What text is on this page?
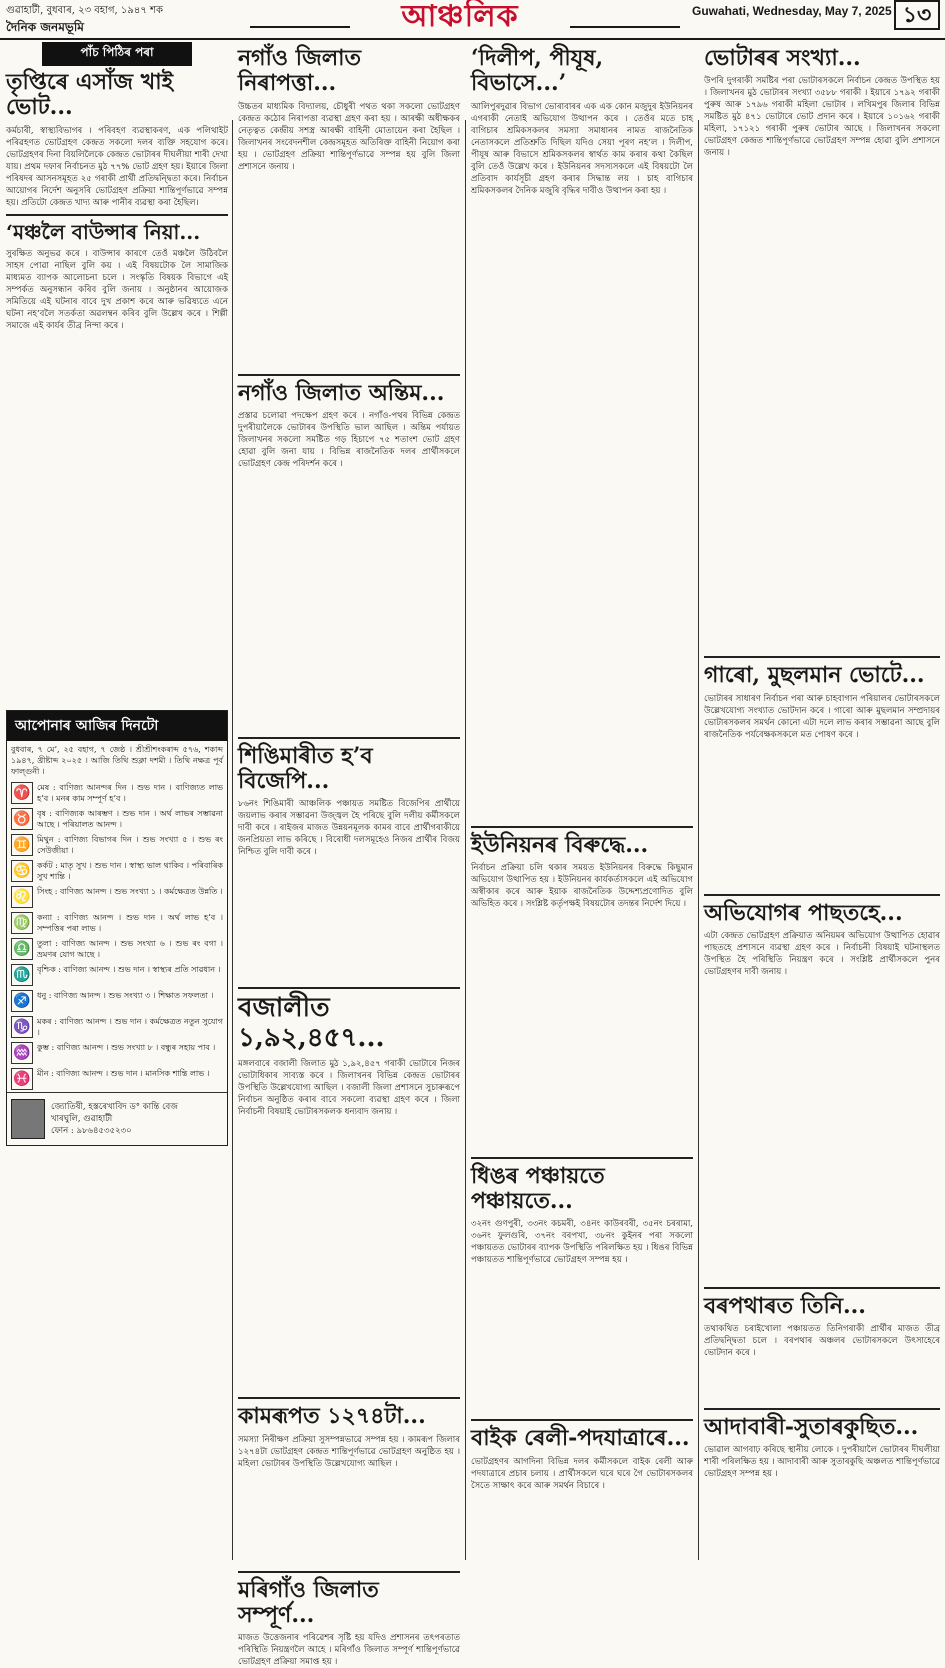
গুৱাহাটী, বুধবাৰ, ২৩ বহাগ, ১৯৪৭ শক
দৈনিক জনমভূমি	আঞ্চলিক	Guwahati, Wednesday, May 7, 2025 ১৩
পাঁচ পিঠিৰ পৰা
তৃপ্তিৰে এসাঁজ খাই ভোট...
কৰ্মচাৰী, স্বাস্থ্যবিভাগৰ । পৰিবহণ ব্যৱস্থাকৰণ, এক পলিথাইট পৰিৱহণত ভোটগ্ৰহণ কেন্দ্ৰত সকলো দলৰ ব্যক্তি সহযোগ কৰে। ভোটগ্ৰহণৰ দিনা বিয়লিলৈকে কেন্দ্ৰত ভোটাৰৰ দীঘলীয়া শাৰী দেখা যায়। প্ৰথম দফাৰ নিৰ্বাচনত মুঠ ৭৭% ভোট গ্ৰহণ হয়। ইয়াৰে জিলা পৰিষদৰ আসনসমূহত ২৫ গৰাকী প্ৰাৰ্থী প্ৰতিদ্বন্দ্বিতা কৰে। নিৰ্বাচন আয়োগৰ নিৰ্দেশ অনুসৰি ভোটগ্ৰহণ প্ৰক্ৰিয়া শান্তিপূৰ্ণভাৱে সম্পন্ন হয়। প্ৰতিটো কেন্দ্ৰত খাদ্য আৰু পানীৰ ব্যৱস্থা কৰা হৈছিল।
‘মঞ্চলৈ বাউন্সাৰ নিয়া...
সুৰক্ষিত অনুভৱ কৰে । বাউন্সাৰ কাৰণে তেওঁ মঞ্চলৈ উঠিবলৈ সাহস পোৱা নাছিল বুলি কয় । এই বিষয়টোক লৈ সামাজিক মাধ্যমত ব্যাপক আলোচনা চলে । সংস্কৃতি বিষয়ক বিভাগে এই সম্পৰ্কত অনুসন্ধান কৰিব বুলি জনায় । অনুষ্ঠানৰ আয়োজক সমিতিয়ে এই ঘটনাৰ বাবে দুখ প্ৰকাশ কৰে আৰু ভৱিষ্যতে এনে ঘটনা নহ’বলৈ সতৰ্কতা অৱলম্বন কৰিব বুলি উল্লেখ কৰে । শিল্পী সমাজে এই কাৰ্যৰ তীব্ৰ নিন্দা কৰে ।
আপোনাৰ আজিৰ দিনটো
বুধবাৰ, ৭ মে’, ২৫ বহাগ, ৭ জেষ্ঠ । শ্ৰীশ্ৰীশংকৰাব্দ ৫৭৬, শকাব্দ ১৯৪৭, খ্ৰীষ্টাব্দ ২০২৫ । আজি তিথি শুক্লা দশমী । তিথি নক্ষত্ৰ পূৰ্ব ফাল্গুনী ।
♈ মেষ : বাণিজ্য আনন্দৰ দিন । শুভ দান । বাণিজ্যত লাভ হ’ব । মনৰ কাম সম্পূৰ্ণ হ’ব ।
♉ বৃষ : বাণিজ্যক আৰম্ভণ । শুভ দান । অৰ্থ লাভৰ সম্ভাৱনা আছে । পৰিয়ালত আনন্দ ।
♊ মিথুন : বাণিজ্য বিভাগৰ দিন । শুভ সংখ্যা ৫ । শুভ ৰং সেউজীয়া ।
♋ কৰ্কট : মাতৃ সুখ । শুভ দান । স্বাস্থ্য ভাল থাকিব । পৰিবাৰিক সুখ শান্তি ।
♌ সিংহ : বাণিজ্য আনন্দ । শুভ সংখ্যা ১ । কৰ্মক্ষেত্ৰত উন্নতি ।
♍ কন্যা : বাণিজ্য আনন্দ । শুভ দান । অৰ্থ লাভ হ’ব । সম্পত্তিৰ পৰা লাভ ।
♎ তুলা : বাণিজ্য আনন্দ । শুভ সংখ্যা ৬ । শুভ ৰং বগা । ভ্ৰমণৰ যোগ আছে ।
♏ বৃশ্চিক : বাণিজ্য আনন্দ । শুভ দান । স্বাস্থ্যৰ প্ৰতি সাৱধান ।
♐ ধনু : বাণিজ্য আনন্দ । শুভ সংখ্যা ৩ । শিক্ষাত সফলতা ।
♑ মকৰ : বাণিজ্য আনন্দ । শুভ দান । কৰ্মক্ষেত্ৰত নতুন সুযোগ ।
♒ কুম্ভ : বাণিজ্য আনন্দ । শুভ সংখ্যা ৮ । বন্ধুৰ সহায় পাব ।
♓ মীন : বাণিজ্য আনন্দ । শুভ দান । মানসিক শান্তি লাভ ।
জ্যোতিষী, হস্তৰেখাবিদ ড° কান্তি বেজ
খাৰঘুলি, গুৱাহাটী
ফোন : ৯৮৬৪৫৩৫২৩০
নগাঁও জিলাত নিৰাপত্তা...
উচ্চতৰ মাধ্যমিক বিদ্যালয়, চৌধুৰী পথত থকা সকলো ভোটগ্ৰহণ কেন্দ্ৰত কঠোৰ নিৰাপত্তা ব্যৱস্থা গ্ৰহণ কৰা হয় । আৰক্ষী অধীক্ষকৰ নেতৃত্বত কেন্দ্ৰীয় সশস্ত্ৰ আৰক্ষী বাহিনী মোতায়েন কৰা হৈছিল । জিলাখনৰ সংবেদনশীল কেন্দ্ৰসমূহত অতিৰিক্ত বাহিনী নিয়োগ কৰা হয় । ভোটগ্ৰহণ প্ৰক্ৰিয়া শান্তিপূৰ্ণভাৱে সম্পন্ন হয় বুলি জিলা প্ৰশাসনে জনায় ।
নগাঁও জিলাত অন্তিম...
প্ৰস্তাৱ চলোৱা পদক্ষেপ গ্ৰহণ কৰে । নগাঁও-পথৰ বিভিন্ন কেন্দ্ৰত দুপৰীয়ালৈকে ভোটাৰৰ উপস্থিতি ভাল আছিল । অন্তিম পৰ্যায়ত জিলাখনৰ সকলো সমষ্টিত গড় হিচাপে ৭৫ শতাংশ ভোট গ্ৰহণ হোৱা বুলি জনা যায় । বিভিন্ন ৰাজনৈতিক দলৰ প্ৰাৰ্থীসকলে ভোটগ্ৰহণ কেন্দ্ৰ পৰিদৰ্শন কৰে ।
শিঙিমাৰীত হ’ব বিজেপি...
৮৬নং শিঙিমাৰী আঞ্চলিক পঞ্চায়ত সমষ্টিত বিজেপিৰ প্ৰাৰ্থীয়ে জয়লাভ কৰাৰ সম্ভাৱনা উজ্জ্বল হৈ পৰিছে বুলি দলীয় কৰ্মীসকলে দাবী কৰে । ৰাইজৰ মাজত উন্নয়নমূলক কামৰ বাবে প্ৰাৰ্থীগৰাকীয়ে জনপ্ৰিয়তা লাভ কৰিছে । বিৰোধী দলসমূহেও নিজৰ প্ৰাৰ্থীৰ বিজয় নিশ্চিত বুলি দাবী কৰে ।
বজালীত ১,৯২,৪৫৭...
মঙ্গলবাৰে বজালী জিলাত মুঠ ১,৯২,৪৫৭ গৰাকী ভোটাৰে নিজৰ ভোটাধিকাৰ সাব্যস্ত কৰে । জিলাখনৰ বিভিন্ন কেন্দ্ৰত ভোটাৰৰ উপস্থিতি উল্লেখযোগ্য আছিল । বজালী জিলা প্ৰশাসনে সুচাৰুৰূপে নিৰ্বাচন অনুষ্ঠিত কৰাৰ বাবে সকলো ব্যৱস্থা গ্ৰহণ কৰে । জিলা নিৰ্বাচনী বিষয়াই ভোটাৰসকলক ধন্যবাদ জনায় ।
কামৰূপত ১২৭৪টা...
সমস্যা নিৰীক্ষণ প্ৰক্ৰিয়া সুসম্পন্নভাৱে সম্পন্ন হয় । কামৰূপ জিলাৰ ১২৭৪টা ভোটগ্ৰহণ কেন্দ্ৰত শান্তিপূৰ্ণভাৱে ভোটগ্ৰহণ অনুষ্ঠিত হয় । মহিলা ভোটাৰৰ উপস্থিতি উল্লেখযোগ্য আছিল ।
মৰিগাঁও জিলাত সম্পূৰ্ণ...
মাজত উত্তেজনাৰ পৰিৱেশৰ সৃষ্টি হয় যদিও প্ৰশাসনৰ তৎপৰতাত পৰিস্থিতি নিয়ন্ত্ৰণলৈ আহে । মৰিগাঁও জিলাত সম্পূৰ্ণ শান্তিপূৰ্ণভাৱে ভোটগ্ৰহণ প্ৰক্ৰিয়া সমাপ্ত হয় ।
‘দিলীপ, পীযূষ, বিভাসে...’
আলিপুৰদুৱাৰ বিভাগ ভোৰাবাৰৰ এক এক কোন মজুদুৰ ইউনিয়নৰ এগৰাকী নেতাই অভিযোগ উত্থাপন কৰে । তেওঁৰ মতে চাহ বাগিচাৰ শ্ৰমিকসকলৰ সমস্যা সমাধানৰ নামত ৰাজনৈতিক নেতাসকলে প্ৰতিশ্ৰুতি দিছিল যদিও সেয়া পূৰণ নহ’ল । দিলীপ, পীযূষ আৰু বিভাসে শ্ৰমিকসকলৰ স্বাৰ্থত কাম কৰাৰ কথা কৈছিল বুলি তেওঁ উল্লেখ কৰে । ইউনিয়নৰ সদস্যসকলে এই বিষয়টো লৈ প্ৰতিবাদ কাৰ্যসূচী গ্ৰহণ কৰাৰ সিদ্ধান্ত লয় । চাহ বাগিচাৰ শ্ৰমিকসকলৰ দৈনিক মজুৰি বৃদ্ধিৰ দাবীও উত্থাপন কৰা হয় ।
ইউনিয়নৰ বিৰুদ্ধে...
নিৰ্বাচন প্ৰক্ৰিয়া চলি থকাৰ সময়ত ইউনিয়নৰ বিৰুদ্ধে কিছুমান অভিযোগ উত্থাপিত হয় । ইউনিয়নৰ কাৰ্যকৰ্তাসকলে এই অভিযোগ অস্বীকাৰ কৰে আৰু ইয়াক ৰাজনৈতিক উদ্দেশ্যপ্ৰণোদিত বুলি অভিহিত কৰে । সংশ্লিষ্ট কৰ্তৃপক্ষই বিষয়টোৰ তদন্তৰ নিৰ্দেশ দিয়ে ।
ধিঙৰ পঞ্চায়তে পঞ্চায়তে...
৩২নং গুণপুৰী, ৩৩নং কচমৰী, ৩৪নং কাউৰবৰী, ৩৫নং চৰৰামা, ৩৬নং ফুলগুৰি, ৩৭নং বৰপখা, ৩৮নং কুইনৰ পৰা সকলো পঞ্চায়তত ভোটাৰৰ ব্যাপক উপস্থিতি পৰিলক্ষিত হয় । ধিঙৰ বিভিন্ন পঞ্চায়তত শান্তিপূৰ্ণভাৱে ভোটগ্ৰহণ সম্পন্ন হয় ।
বাইক ৰেলী-পদযাত্ৰাৰে...
ভোটগ্ৰহণৰ আগদিনা বিভিন্ন দলৰ কৰ্মীসকলে বাইক ৰেলী আৰু পদযাত্ৰাৰে প্ৰচাৰ চলায় । প্ৰাৰ্থীসকলে ঘৰে ঘৰে গৈ ভোটাৰসকলৰ সৈতে সাক্ষাৎ কৰে আৰু সমৰ্থন বিচাৰে ।
ভোটাৰৰ সংখ্যা...
উপৰি দুগৰাকী সমষ্টিৰ পৰা ভোটাৰসকলে নিৰ্বাচন কেন্দ্ৰত উপস্থিত হয় । জিলাখনৰ মুঠ ভোটাৰৰ সংখ্যা ৩৫৮৮ গৰাকী । ইয়াৰে ১৭৯২ গৰাকী পুৰুষ আৰু ১৭৯৬ গৰাকী মহিলা ভোটাৰ । লখিমপুৰ জিলাৰ বিভিন্ন সমষ্টিত মুঠ ৪৭১ ভোটাৰে ভোট প্ৰদান কৰে । ইয়াৰে ১০১৬২ গৰাকী মহিলা, ১৭১২১ গৰাকী পুৰুষ ভোটাৰ আছে । জিলাখনৰ সকলো ভোটগ্ৰহণ কেন্দ্ৰত শান্তিপূৰ্ণভাৱে ভোটগ্ৰহণ সম্পন্ন হোৱা বুলি প্ৰশাসনে জনায় ।
গাৰো, মুছলমান ভোটে...
ভোটাৰৰ সাধাৰণ নিৰ্বাচন পৰা আৰু চাহবাগান পৰিয়ালৰ ভোটাৰসকলে উল্লেখযোগ্য সংখ্যাত ভোটদান কৰে । গাৰো আৰু মুছলমান সম্প্ৰদায়ৰ ভোটাৰসকলৰ সমৰ্থন কোনো এটা দলে লাভ কৰাৰ সম্ভাৱনা আছে বুলি ৰাজনৈতিক পৰ্যবেক্ষকসকলে মত পোষণ কৰে ।
অভিযোগৰ পাছতহে...
এটা কেন্দ্ৰত ভোটগ্ৰহণ প্ৰক্ৰিয়াত অনিয়মৰ অভিযোগ উত্থাপিত হোৱাৰ পাছতহে প্ৰশাসনে ব্যৱস্থা গ্ৰহণ কৰে । নিৰ্বাচনী বিষয়াই ঘটনাস্থলত উপস্থিত হৈ পৰিস্থিতি নিয়ন্ত্ৰণ কৰে । সংশ্লিষ্ট প্ৰাৰ্থীসকলে পুনৰ ভোটগ্ৰহণৰ দাবী জনায় ।
বৰপথাৰত তিনি...
তথাকথিত চৰাইখোলা পঞ্চায়তত তিনিগৰাকী প্ৰাৰ্থীৰ মাজত তীব্ৰ প্ৰতিদ্বন্দ্বিতা চলে । বৰপথাৰ অঞ্চলৰ ভোটাৰসকলে উৎসাহেৰে ভোটদান কৰে ।
আদাবাৰী-সুতাৰকুছিত...
ভোৱাল আগবাঢ় কৰিছে স্থানীয় লোকে । দুপৰীয়ালৈ ভোটাৰৰ দীঘলীয়া শাৰী পৰিলক্ষিত হয় । আদাবাৰী আৰু সুতাৰকুছি অঞ্চলত শান্তিপূৰ্ণভাৱে ভোটগ্ৰহণ সম্পন্ন হয় ।
